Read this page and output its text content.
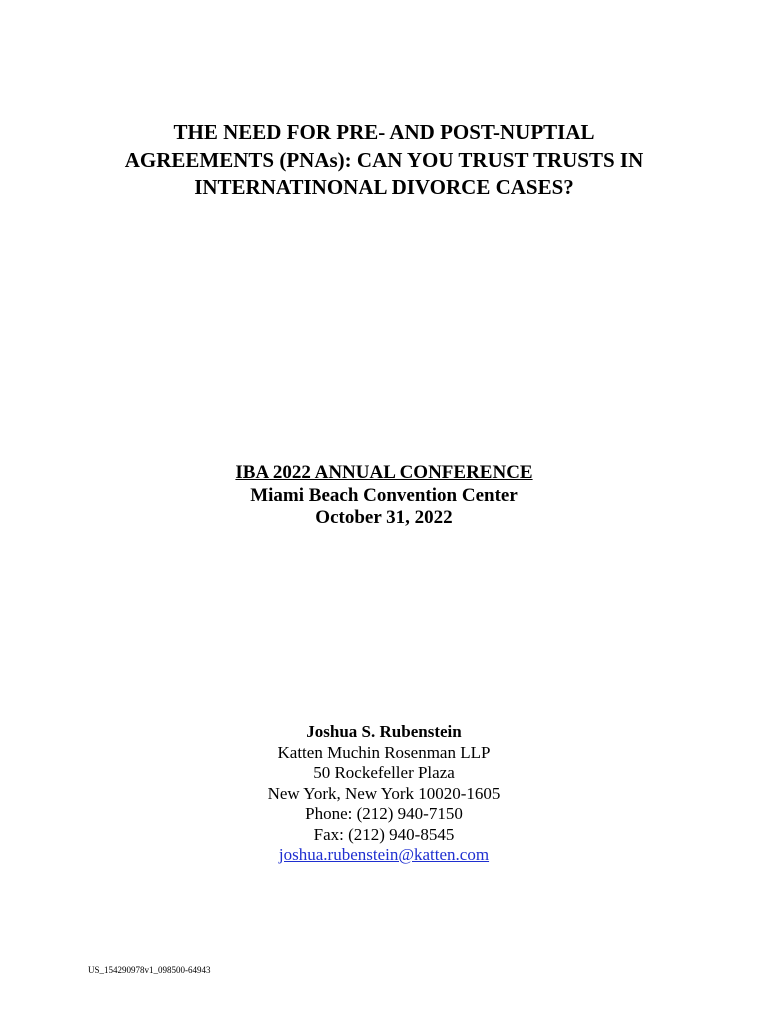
THE NEED FOR PRE- AND POST-NUPTIAL
AGREEMENTS (PNAs): CAN YOU TRUST TRUSTS IN
INTERNATINONAL DIVORCE CASES?
IBA 2022 ANNUAL CONFERENCE
Miami Beach Convention Center
October 31, 2022
Joshua S. Rubenstein
Katten Muchin Rosenman LLP
50 Rockefeller Plaza
New York, New York 10020-1605
Phone: (212) 940-7150
Fax: (212) 940-8545
joshua.rubenstein@katten.com
US_154290978v1_098500-64943
